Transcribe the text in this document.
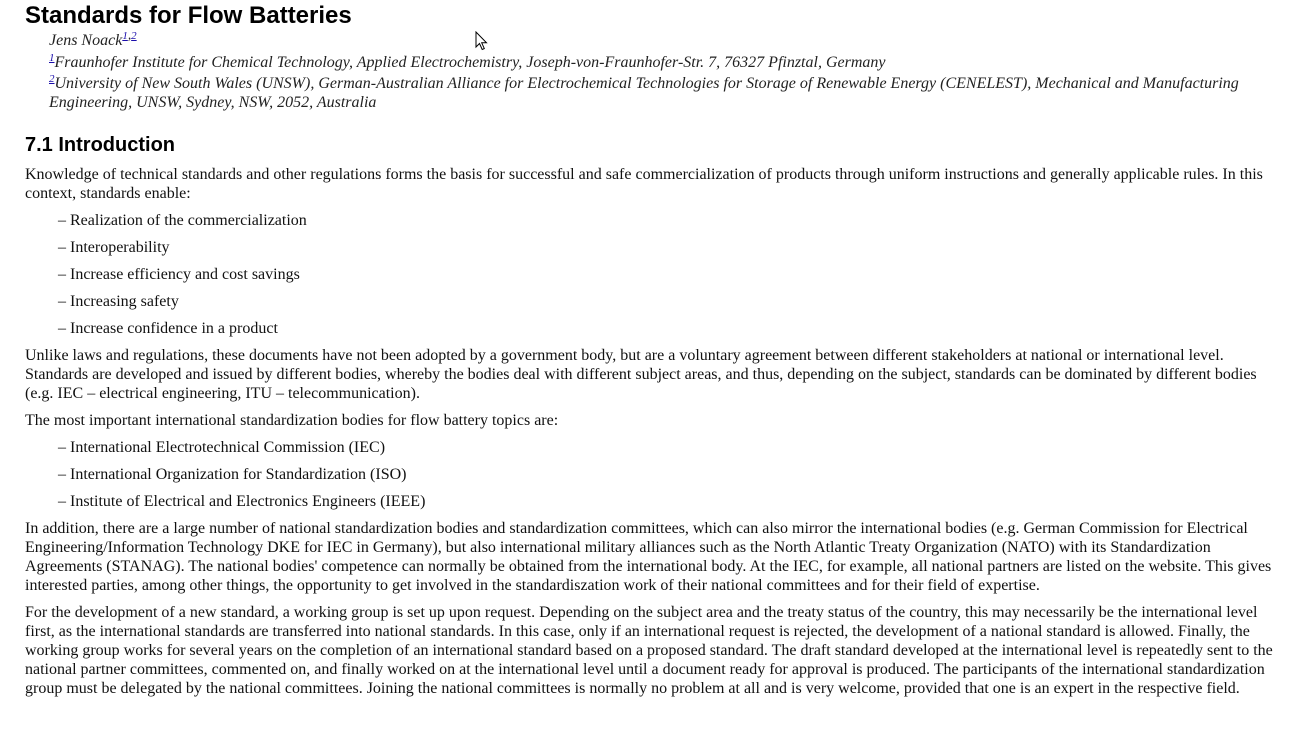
Standards for Flow Batteries
Jens Noack$^{1,2}$
$^1$Fraunhofer Institute for Chemical Technology, Applied Electrochemistry, Joseph-von-Fraunhofer-Str. 7, 76327 Pfinztal, Germany
$^2$University of New South Wales (UNSW), German-Australian Alliance for Electrochemical Technologies for Storage of Renewable Energy (CENELEST), Mechanical and Manufacturing Engineering, UNSW, Sydney, NSW, 2052, Australia
7.1 Introduction

Knowledge of technical standards and other regulations forms the basis for successful and safe commercialization of products through uniform instructions and generally applicable rules. In this context, standards enable:

– Realization of the commercialization
– Interoperability
– Increase efficiency and cost savings
– Increasing safety
– Increase confidence in a product

Unlike laws and regulations, these documents have not been adopted by a government body, but are a voluntary agreement between different stakeholders at national or international level. Standards are developed and issued by different bodies, whereby the bodies deal with different subject areas, and thus, depending on the subject, standards can be dominated by different bodies (e.g. IEC – electrical engineering, ITU – telecommunication).

The most important international standardization bodies for flow battery topics are:

– International Electrotechnical Commission (IEC)
– International Organization for Standardization (ISO)
– Institute of Electrical and Electronics Engineers (IEEE)

In addition, there are a large number of national standardization bodies and standardization committees, which can also mirror the international bodies (e.g. German Commission for Electrical Engineering/Information Technology DKE for IEC in Germany), but also international military alliances such as the North Atlantic Treaty Organization (NATO) with its Standardization Agreements (STANAG). The national bodies' competence can normally be obtained from the international body. At the IEC, for example, all national partners are listed on the website. This gives interested parties, among other things, the opportunity to get involved in the standardiszation work of their national committees and for their field of expertise.

For the development of a new standard, a working group is set up upon request. Depending on the subject area and the treaty status of the country, this may necessarily be the international level first, as the international standards are transferred into national standards. In this case, only if an international request is rejected, the development of a national standard is allowed. Finally, the working group works for several years on the completion of an international standard based on a proposed standard. The draft standard developed at the international level is repeatedly sent to the national partner committees, commented on, and finally worked on at the international level until a document ready for approval is produced. The participants of the international standardization group must be delegated by the national committees. Joining the national committees is normally no problem at all and is very welcome, provided that one is an expert in the respective field.
